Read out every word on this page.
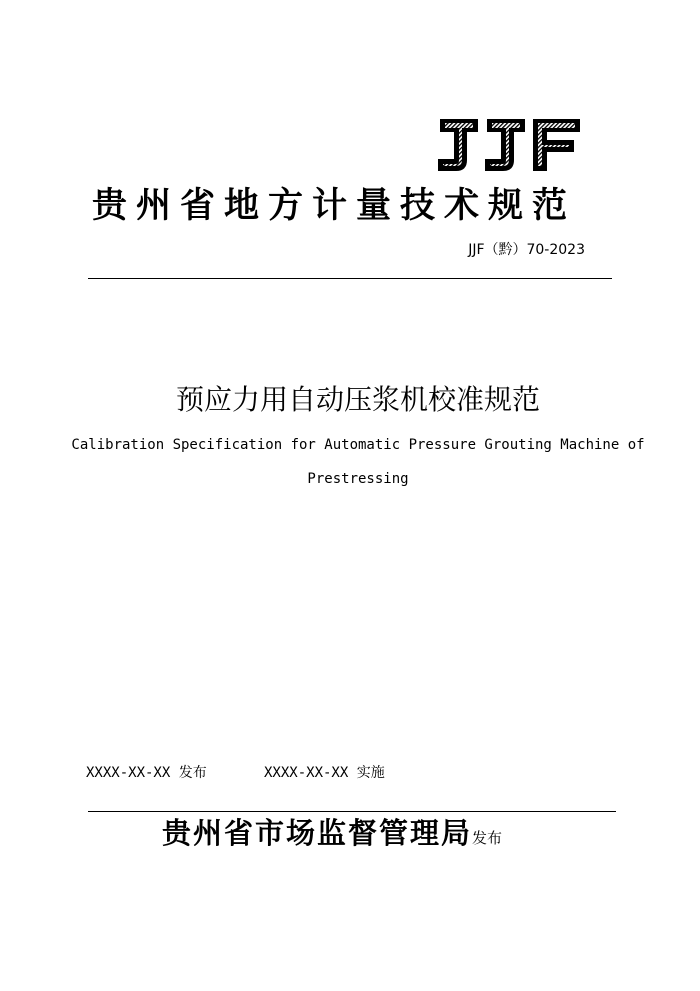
贵州省地方计量技术规范
JJF（黔）70-2023
预应力用自动压浆机校准规范
Calibration Specification for Automatic Pressure Grouting Machine of
Prestressing
XXXX-XX-XX 发布	XXXX-XX-XX 实施
贵州省市场监督管理局发布
